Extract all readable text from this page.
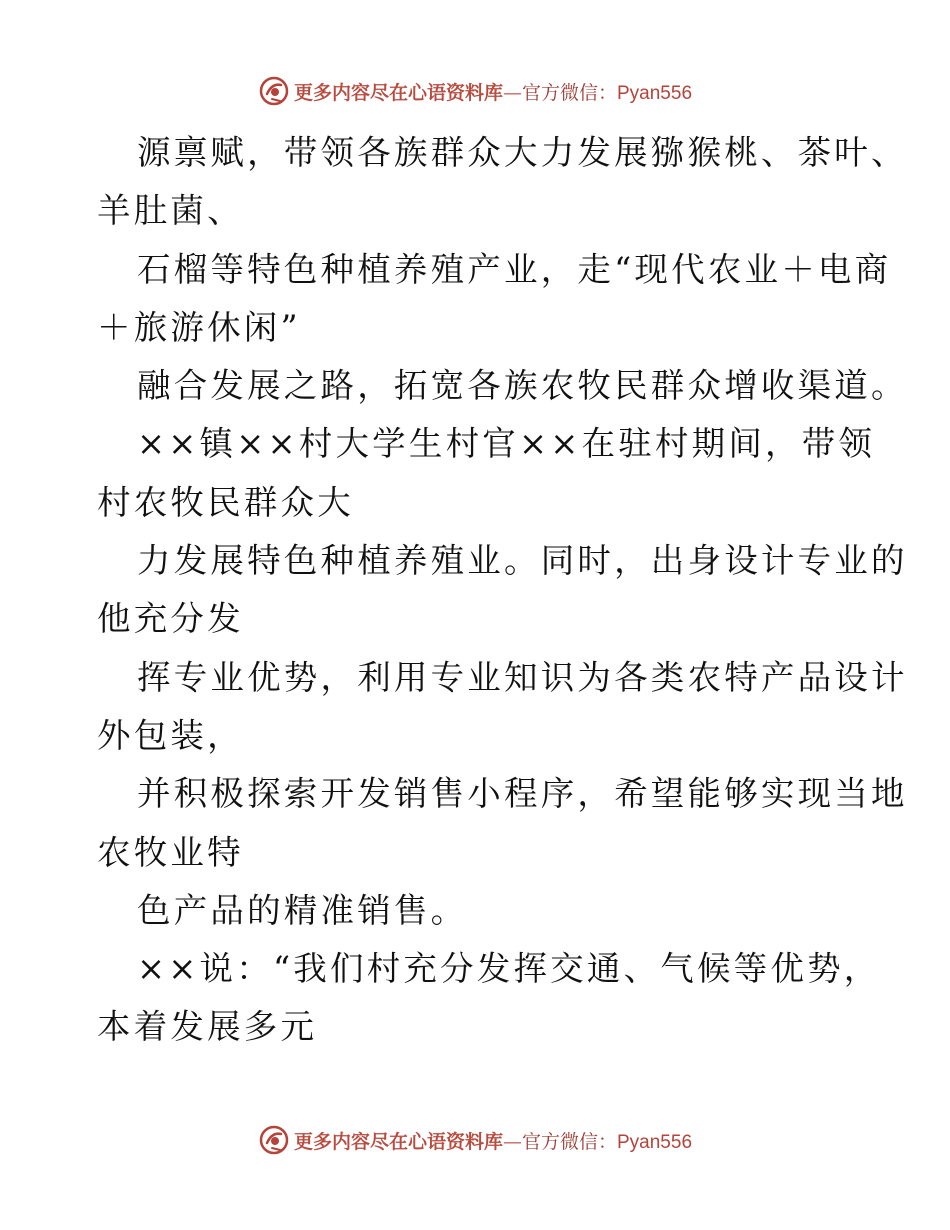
更多内容尽在心语资料库—官方微信：Pyan556
源禀赋，带领各族群众大力发展猕猴桃、茶叶、
羊肚菌、
石榴等特色种植养殖产业，走“现代农业＋电商
＋旅游休闲”
融合发展之路，拓宽各族农牧民群众增收渠道。
××镇××村大学生村官××在驻村期间，带领
村农牧民群众大
力发展特色种植养殖业。同时，出身设计专业的
他充分发
挥专业优势，利用专业知识为各类农特产品设计
外包装，
并积极探索开发销售小程序，希望能够实现当地
农牧业特
色产品的精准销售。
××说：“我们村充分发挥交通、气候等优势，
本着发展多元
更多内容尽在心语资料库—官方微信：Pyan556
